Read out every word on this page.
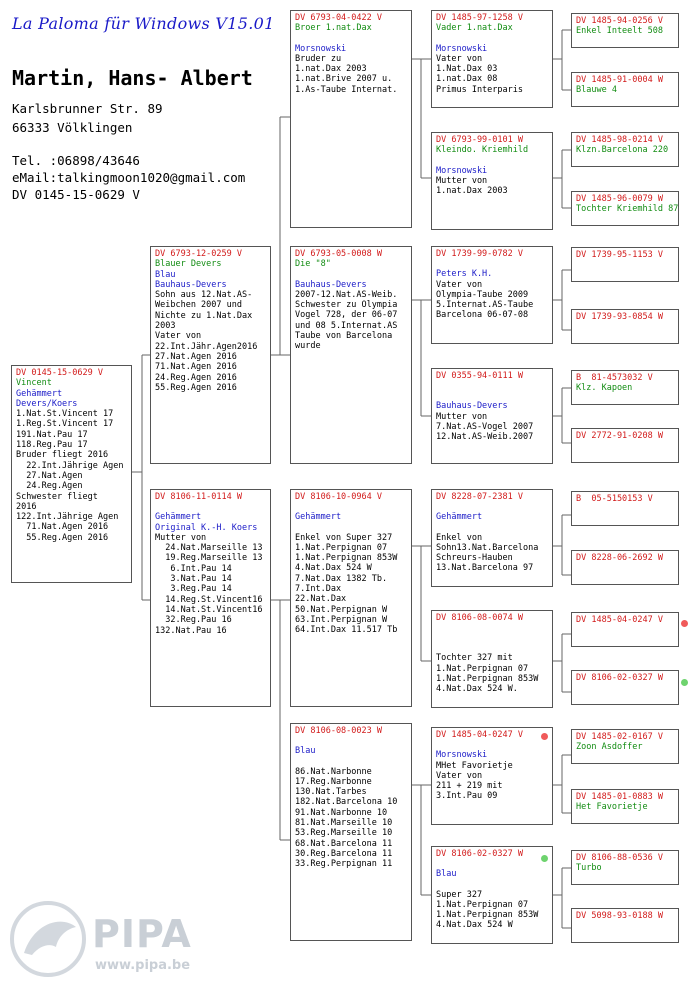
La Paloma für Windows V15.01
Martin, Hans- Albert
Karlsbrunner Str. 89
66333 Völklingen
Tel. :06898/43646
eMail:talkingmoon1020@gmail.com
DV 0145-15-0629 V
DV 0145-15-0629 V
Vincent
Gehämmert
Devers/Koers
1.Nat.St.Vincent 17
1.Reg.St.Vincent 17
191.Nat.Pau 17
118.Reg.Pau 17
Bruder fliegt 2016
22.Int.Jährige Agen
27.Nat.Agen
24.Reg.Agen
Schwester fliegt
2016
122.Int.Jährige Agen
71.Nat.Agen 2016
55.Reg.Agen 2016
DV 6793-12-0259 V
Blauer Devers
Blau
Bauhaus-Devers
Sohn aus 12.Nat.AS-
Weibchen 2007 und
Nichte zu 1.Nat.Dax
2003
Vater von
22.Int.Jähr.Agen2016
27.Nat.Agen 2016
71.Nat.Agen 2016
24.Reg.Agen 2016
55.Reg.Agen 2016
DV 8106-11-0114 W
Gehämmert
Original K.-H. Koers
Mutter von
24.Nat.Marseille 13
19.Reg.Marseille 13
6.Int.Pau 14
3.Nat.Pau 14
3.Reg.Pau 14
14.Reg.St.Vincent16
14.Nat.St.Vincent16
32.Reg.Pau 16
132.Nat.Pau 16
DV 6793-04-0422 V
Broer 1.nat.Dax
Morsnowski
Bruder zu
1.nat.Dax 2003
1.nat.Brive 2007 u.
1.As-Taube Internat.
DV 6793-05-0008 W
Die "8"
Bauhaus-Devers
2007-12.Nat.AS-Weib.
Schwester zu Olympia
Vogel 728, der 06-07
und 08 5.Internat.AS
Taube von Barcelona
wurde
DV 8106-10-0964 V
Gehämmert
Enkel von Super 327
1.Nat.Perpignan 07
1.Nat.Perpignan 853W
4.Nat.Dax 524 W
7.Nat.Dax 1382 Tb.
7.Int.Dax
22.Nat.Dax
50.Nat.Perpignan W
63.Int.Perpignan W
64.Int.Dax 11.517 Tb
DV 8106-08-0023 W
Blau
86.Nat.Narbonne
17.Reg.Narbonne
130.Nat.Tarbes
182.Nat.Barcelona 10
91.Nat.Narbonne 10
81.Nat.Marseille 10
53.Reg.Marseille 10
68.Nat.Barcelona 11
30.Reg.Barcelona 11
33.Reg.Perpignan 11
DV 1485-97-1258 V
Vader 1.nat.Dax
Morsnowski
Vater von
1.Nat.Dax 03
1.nat.Dax 08
Primus Interparis
DV 6793-99-0101 W
Kleindo. Kriemhild
Morsnowski
Mutter von
1.nat.Dax 2003
DV 1739-99-0782 V
Peters K.H.
Vater von
Olympia-Taube 2009
5.Internat.AS-Taube
Barcelona 06-07-08
DV 0355-94-0111 W
Bauhaus-Devers
Mutter von
7.Nat.AS-Vogel 2007
12.Nat.AS-Weib.2007
DV 8228-07-2381 V
Gehämmert
Enkel von
Sohn13.Nat.Barcelona
Schreurs-Hauben
13.Nat.Barcelona 97
DV 8106-08-0074 W
Tochter 327 mit
1.Nat.Perpignan 07
1.Nat.Perpignan 853W
4.Nat.Dax 524 W.
DV 1485-04-0247 V
Morsnowski
MHet Favorietje
Vater von
211 + 219 mit
3.Int.Pau 09
DV 8106-02-0327 W
Blau
Super 327
1.Nat.Perpignan 07
1.Nat.Perpignan 853W
4.Nat.Dax 524 W
DV 1485-94-0256 V
Enkel Inteelt 508
DV 1485-91-0004 W
Blauwe 4
DV 1485-98-0214 V
Klzn.Barcelona 220
DV 1485-96-0079 W
Tochter Kriemhild 87
DV 1739-95-1153 V
DV 1739-93-0854 W
B  81-4573032 V
Klz. Kapoen
DV 2772-91-0208 W
B  05-5150153 V
DV 8228-06-2692 W
DV 1485-04-0247 V
DV 8106-02-0327 W
DV 1485-02-0167 V
Zoon Asdoffer
DV 1485-01-0883 W
Het Favorietje
DV 8106-88-0536 V
Turbo
DV 5098-93-0188 W
PIPA
www.pipa.be
